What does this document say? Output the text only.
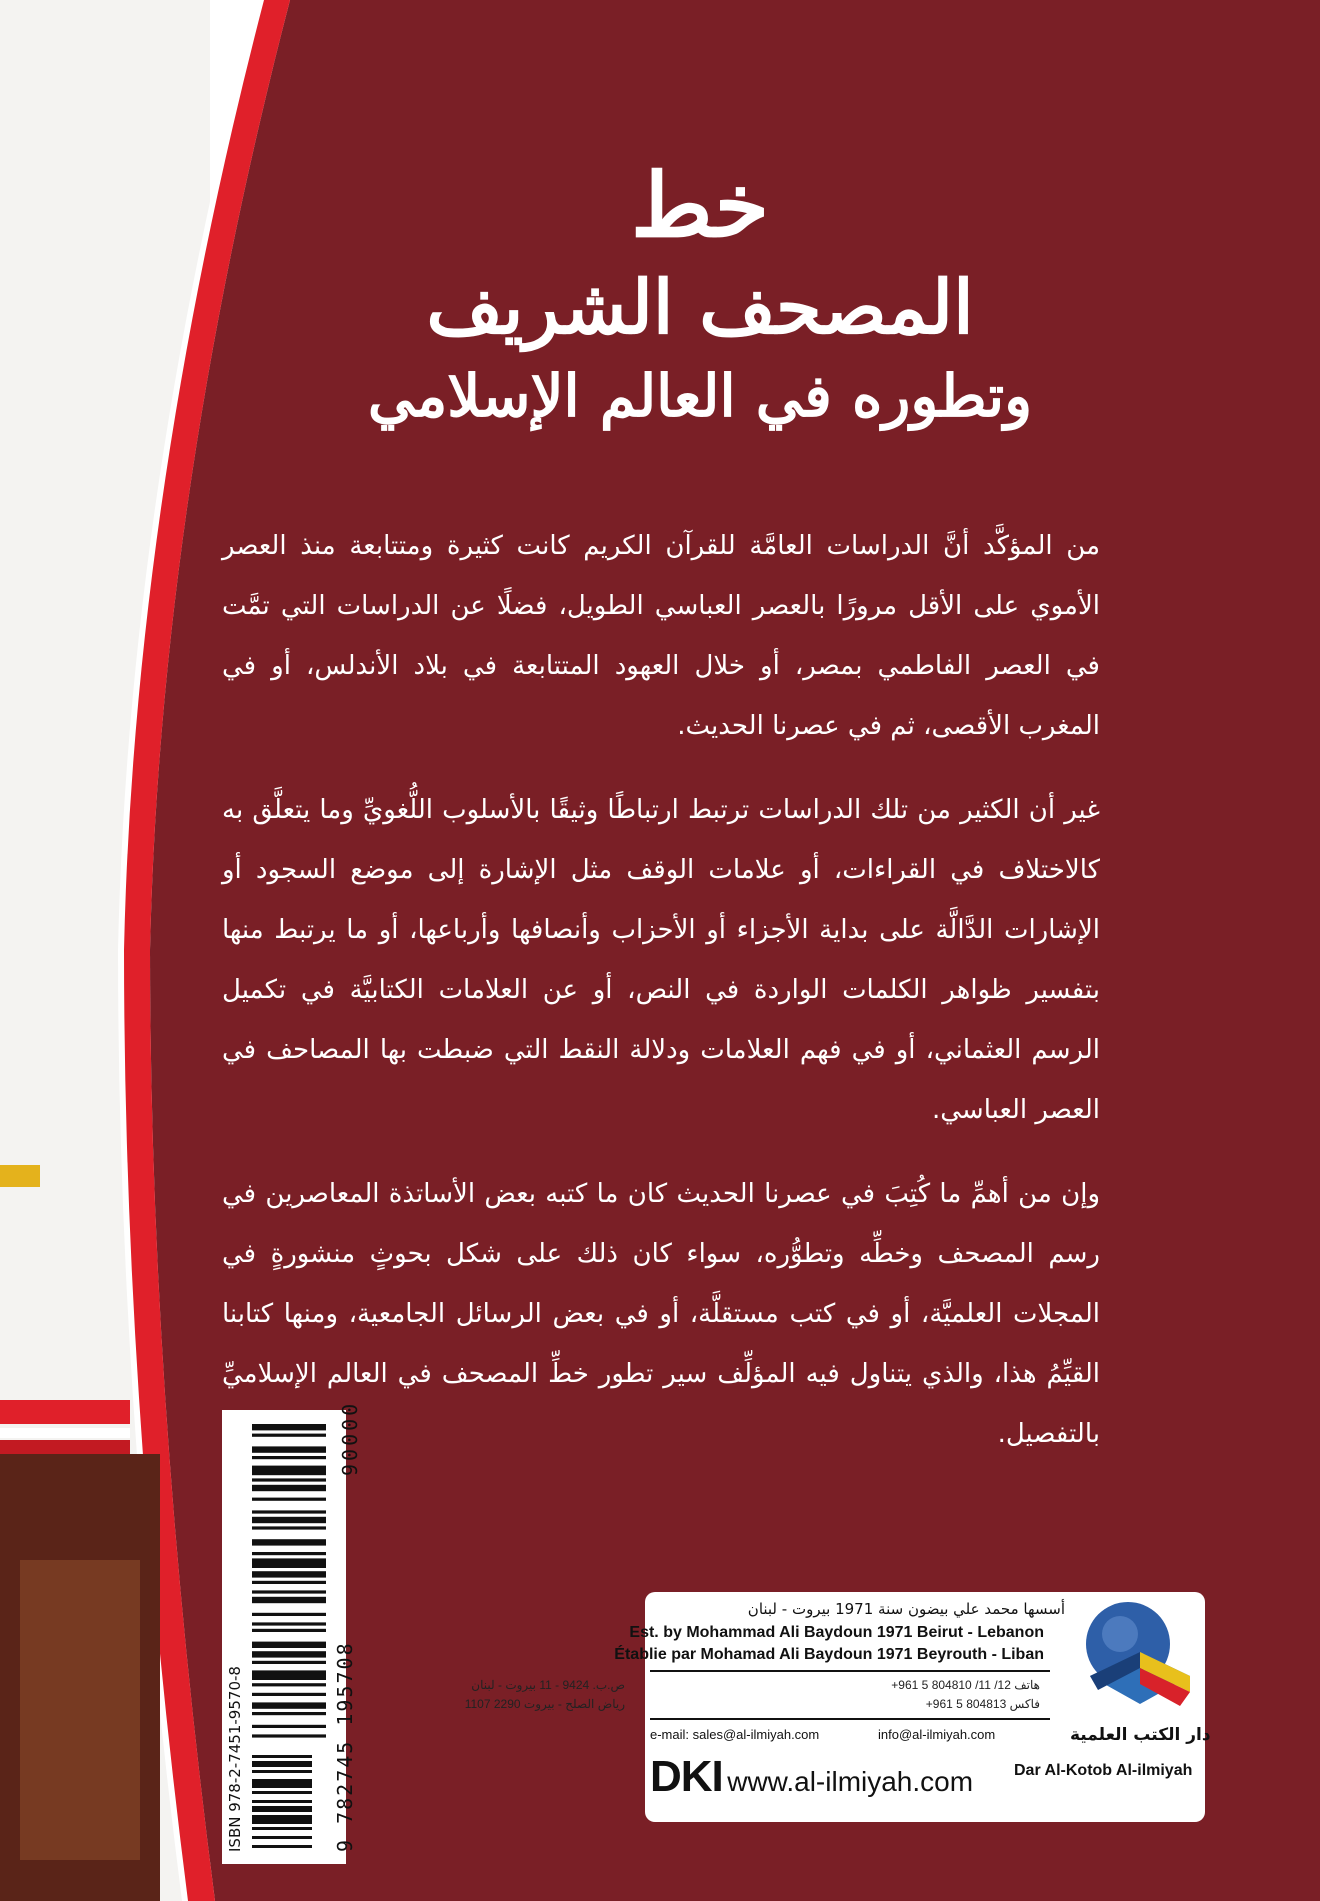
خط
المصحف الشريف
وتطوره في العالم الإسلامي

من المؤكَّد أنَّ الدراسات العامَّة للقرآن الكريم كانت كثيرة ومتتابعة منذ العصر الأموي على الأقل مرورًا بالعصر العباسي الطويل، فضلًا عن الدراسات التي تمَّت في العصر الفاطمي بمصر، أو خلال العهود المتتابعة في بلاد الأندلس، أو في المغرب الأقصى، ثم في عصرنا الحديث.

غير أن الكثير من تلك الدراسات ترتبط ارتباطًا وثيقًا بالأسلوب اللُّغويِّ وما يتعلَّق به كالاختلاف في القراءات، أو علامات الوقف مثل الإشارة إلى موضع السجود أو الإشارات الدَّالَّة على بداية الأجزاء أو الأحزاب وأنصافها وأرباعها، أو ما يرتبط منها بتفسير ظواهر الكلمات الواردة في النص، أو عن العلامات الكتابيَّة في تكميل الرسم العثماني، أو في فهم العلامات ودلالة النقط التي ضبطت بها المصاحف في العصر العباسي.

وإن من أهمِّ ما كُتِبَ في عصرنا الحديث كان ما كتبه بعض الأساتذة المعاصرين في رسم المصحف وخطِّه وتطوُّره، سواء كان ذلك على شكل بحوثٍ منشورةٍ في المجلات العلميَّة، أو في كتب مستقلَّة، أو في بعض الرسائل الجامعية، ومنها كتابنا القيِّمُ هذا، والذي يتناول فيه المؤلِّف سير تطور خطِّ المصحف في العالم الإسلاميِّ بالتفصيل.

ISBN 978-2-7451-9570-8	9 782745 195708
90000
أسسها محمد علي بيضون سنة 1971 بيروت - لبنان
Est. by Mohammad Ali Baydoun 1971 Beirut - Lebanon
Établie par Mohamad Ali Baydoun 1971 Beyrouth - Liban
ص.ب. 9424 - 11 بيروت - لبنان
رياض الصلح - بيروت 2290 1107
هاتف 12/ 11/ 804810 5 961+
فاكس 804813 5 961+
e-mail: sales@al-ilmiyah.com	info@al-ilmiyah.com
DKI www.al-ilmiyah.com
دار الكتب العلمية
Dar Al-Kotob Al-ilmiyah
